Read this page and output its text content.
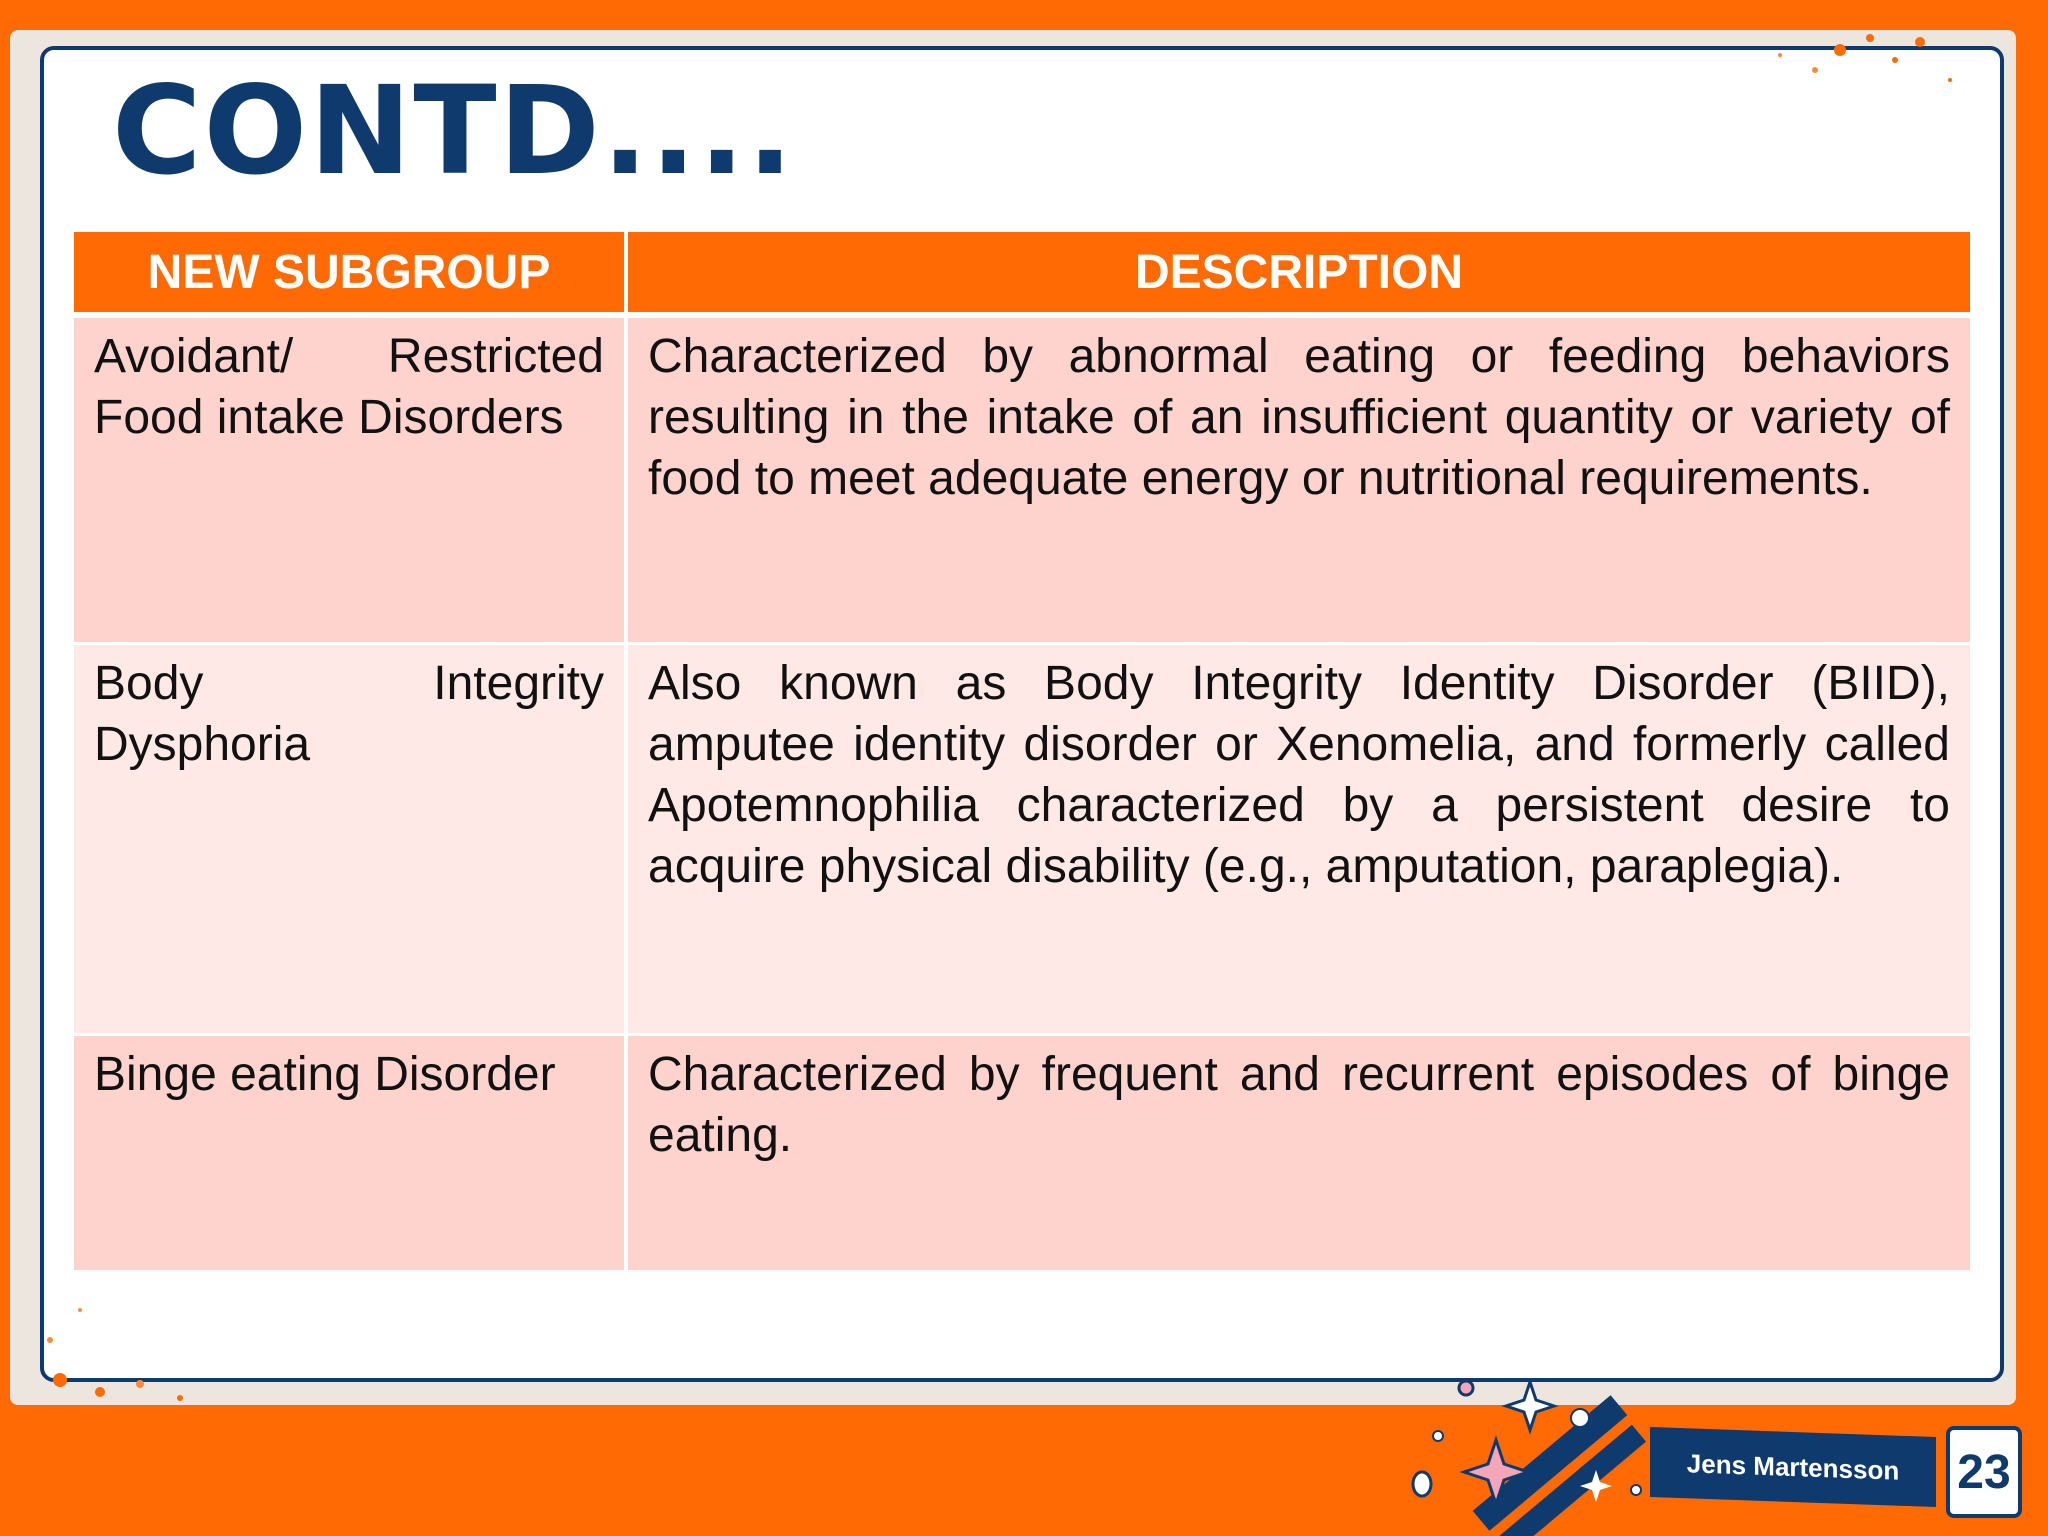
CONTD....
NEW SUBGROUP	DESCRIPTION
Avoidant/ Restricted Food intake Disorders	Characterized by abnormal eating or feeding behaviors resulting in the intake of an insufficient quantity or variety of food to meet adequate energy or nutritional requirements.
Body Integrity Dysphoria	Also known as Body Integrity Identity Disorder (BIID), amputee identity disorder or Xenomelia, and formerly called Apotemnophilia characterized by a persistent desire to acquire physical disability (e.g., amputation, paraplegia).
Binge eating Disorder	Characterized by frequent and recurrent episodes of binge eating.
Jens Martensson	23
